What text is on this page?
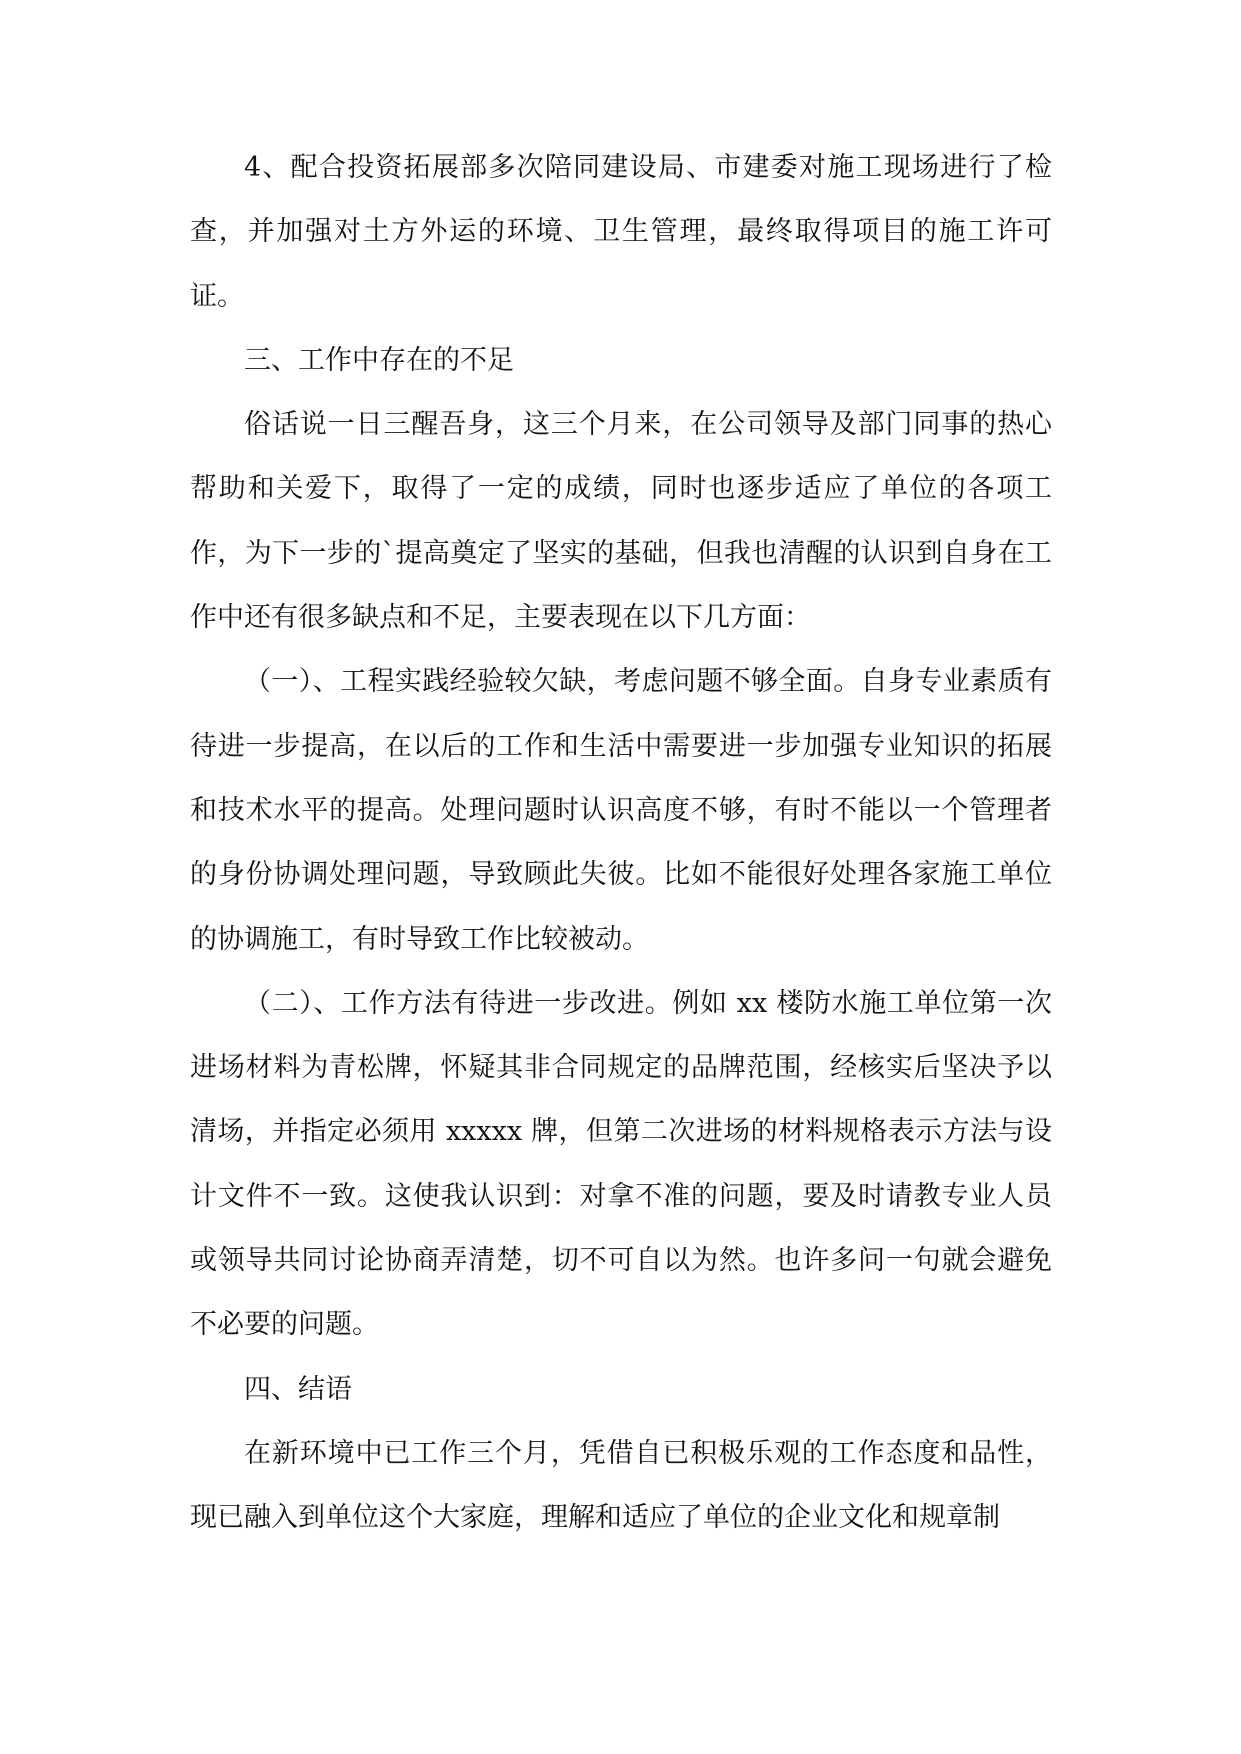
4、配合投资拓展部多次陪同建设局、市建委对施工现场进行了检查，并加强对土方外运的环境、卫生管理，最终取得项目的施工许可证。

三、工作中存在的不足

俗话说一日三醒吾身，这三个月来，在公司领导及部门同事的热心帮助和关爱下，取得了一定的成绩，同时也逐步适应了单位的各项工作，为下一步的`提高奠定了坚实的基础，但我也清醒的认识到自身在工作中还有很多缺点和不足，主要表现在以下几方面：

（一）、工程实践经验较欠缺，考虑问题不够全面。自身专业素质有待进一步提高，在以后的工作和生活中需要进一步加强专业知识的拓展和技术水平的提高。处理问题时认识高度不够，有时不能以一个管理者的身份协调处理问题，导致顾此失彼。比如不能很好处理各家施工单位的协调施工，有时导致工作比较被动。

（二）、工作方法有待进一步改进。例如 xx 楼防水施工单位第一次进场材料为青松牌，怀疑其非合同规定的品牌范围，经核实后坚决予以清场，并指定必须用 xxxxx 牌，但第二次进场的材料规格表示方法与设计文件不一致。这使我认识到：对拿不准的问题，要及时请教专业人员或领导共同讨论协商弄清楚，切不可自以为然。也许多问一句就会避免不必要的问题。

四、结语

在新环境中已工作三个月，凭借自已积极乐观的工作态度和品性，现已融入到单位这个大家庭，理解和适应了单位的企业文化和规章制
